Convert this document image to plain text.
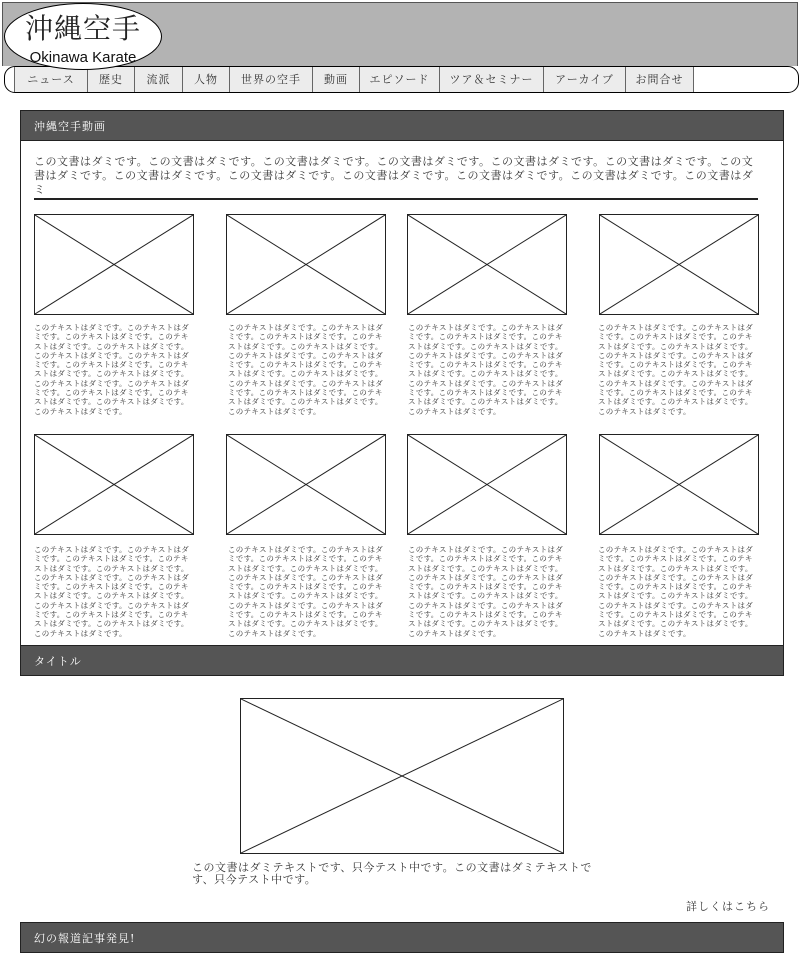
沖縄空手
Okinawa Karate
ニュース	歴史	流派	人物	世界の空手	動画	エピソード	ツア＆セミナー	アーカイブ	お問合せ
沖縄空手動画
この文書はダミです。この文書はダミです。この文書はダミです。この文書はダミです。この文書はダミです。この文書はダミです。この文書はダミです。この文書はダミです。この文書はダミです。この文書はダミです。この文書はダミです。この文書はダミです。この文書はダミ
このテキストはダミです。このテキストはダミです。このテキストはダミです。このテキストはダミです。このテキストはダミです。このテキストはダミです。このテキストはダミです。このテキストはダミです。このテキストはダミです。このテキストはダミです。このテキストはダミです。このテキストはダミです。このテキストはダミです。このテキストはダミです。このテキストはダミです。このテキストはダミです。
このテキストはダミです。このテキストはダミです。このテキストはダミです。このテキストはダミです。このテキストはダミです。このテキストはダミです。このテキストはダミです。このテキストはダミです。このテキストはダミです。このテキストはダミです。このテキストはダミです。このテキストはダミです。このテキストはダミです。このテキストはダミです。このテキストはダミです。このテキストはダミです。
このテキストはダミです。このテキストはダミです。このテキストはダミです。このテキストはダミです。このテキストはダミです。このテキストはダミです。このテキストはダミです。このテキストはダミです。このテキストはダミです。このテキストはダミです。このテキストはダミです。このテキストはダミです。このテキストはダミです。このテキストはダミです。このテキストはダミです。このテキストはダミです。
このテキストはダミです。このテキストはダミです。このテキストはダミです。このテキストはダミです。このテキストはダミです。このテキストはダミです。このテキストはダミです。このテキストはダミです。このテキストはダミです。このテキストはダミです。このテキストはダミです。このテキストはダミです。このテキストはダミです。このテキストはダミです。このテキストはダミです。このテキストはダミです。
このテキストはダミです。このテキストはダミです。このテキストはダミです。このテキストはダミです。このテキストはダミです。このテキストはダミです。このテキストはダミです。このテキストはダミです。このテキストはダミです。このテキストはダミです。このテキストはダミです。このテキストはダミです。このテキストはダミです。このテキストはダミです。このテキストはダミです。このテキストはダミです。
このテキストはダミです。このテキストはダミです。このテキストはダミです。このテキストはダミです。このテキストはダミです。このテキストはダミです。このテキストはダミです。このテキストはダミです。このテキストはダミです。このテキストはダミです。このテキストはダミです。このテキストはダミです。このテキストはダミです。このテキストはダミです。このテキストはダミです。このテキストはダミです。
このテキストはダミです。このテキストはダミです。このテキストはダミです。このテキストはダミです。このテキストはダミです。このテキストはダミです。このテキストはダミです。このテキストはダミです。このテキストはダミです。このテキストはダミです。このテキストはダミです。このテキストはダミです。このテキストはダミです。このテキストはダミです。このテキストはダミです。このテキストはダミです。
このテキストはダミです。このテキストはダミです。このテキストはダミです。このテキストはダミです。このテキストはダミです。このテキストはダミです。このテキストはダミです。このテキストはダミです。このテキストはダミです。このテキストはダミです。このテキストはダミです。このテキストはダミです。このテキストはダミです。このテキストはダミです。このテキストはダミです。このテキストはダミです。
タイトル
この文書はダミテキストです、只今テスト中です。この文書はダミテキストです、只今テスト中です。
詳しくはこちら
幻の報道記事発見!
